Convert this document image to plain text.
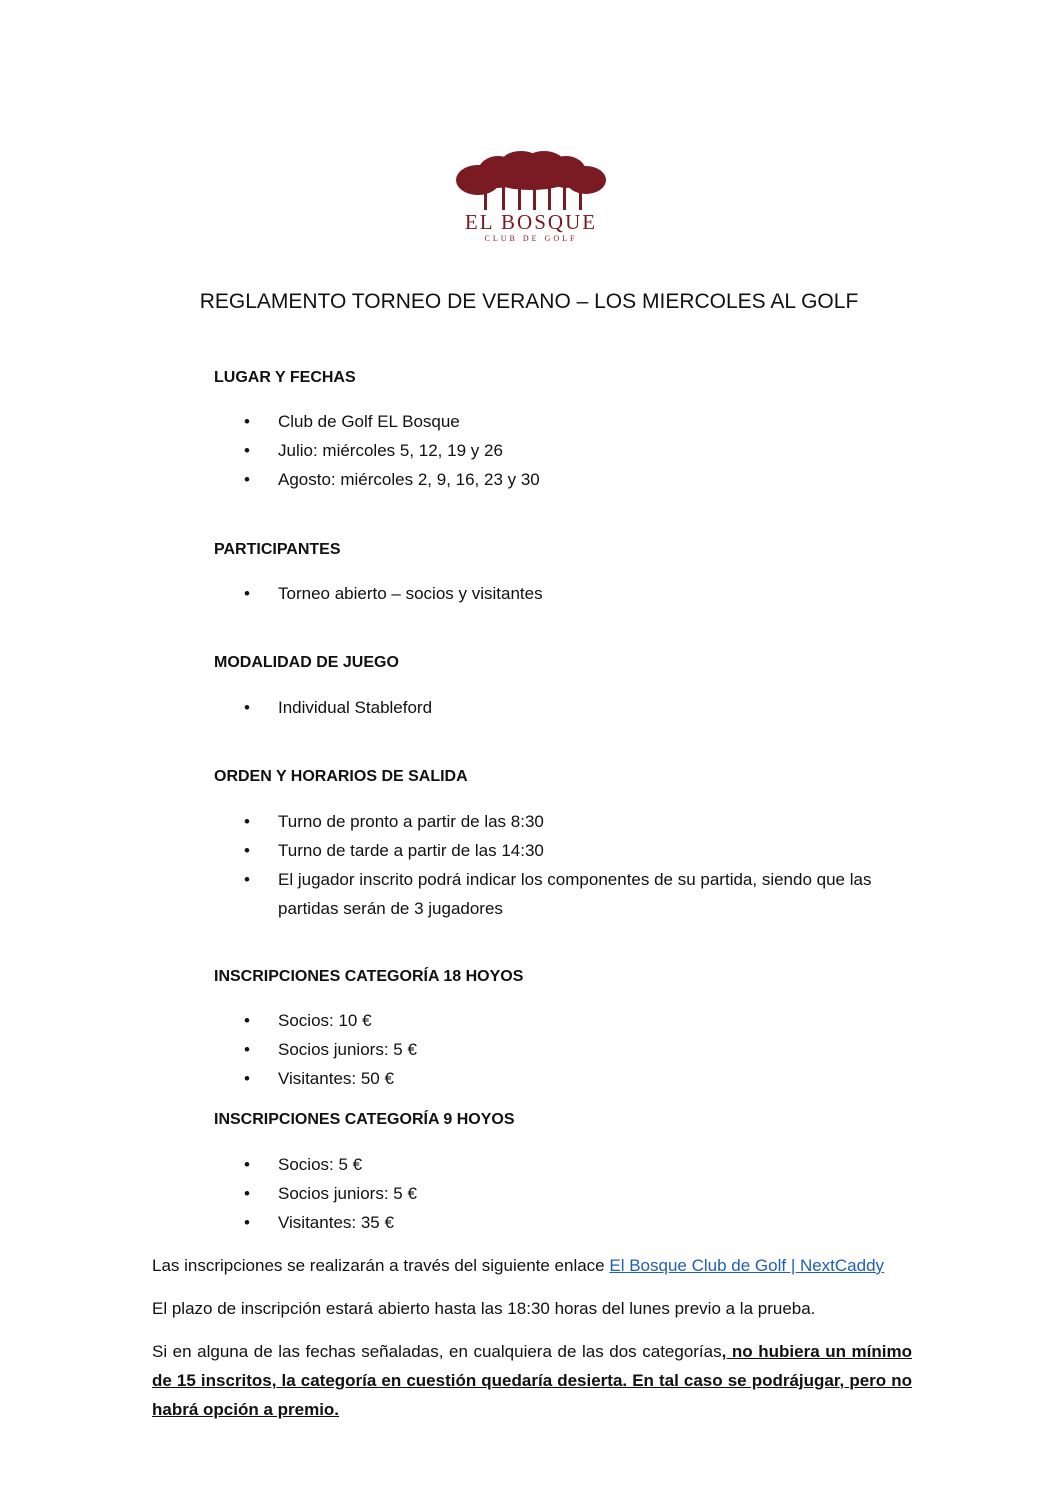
EL BOSQUE
CLUB DE GOLF
REGLAMENTO TORNEO DE VERANO – LOS MIERCOLES AL GOLF
LUGAR Y FECHAS
• Club de Golf EL Bosque
• Julio: miércoles 5, 12, 19 y 26
• Agosto: miércoles 2, 9, 16, 23 y 30
PARTICIPANTES
• Torneo abierto – socios y visitantes
MODALIDAD DE JUEGO
• Individual Stableford
ORDEN Y HORARIOS DE SALIDA
• Turno de pronto a partir de las 8:30
• Turno de tarde a partir de las 14:30
• El jugador inscrito podrá indicar los componentes de su partida, siendo que las partidas serán de 3 jugadores
INSCRIPCIONES CATEGORÍA 18 HOYOS
• Socios: 10 €
• Socios juniors: 5 €
• Visitantes: 50 €
INSCRIPCIONES CATEGORÍA 9 HOYOS
• Socios: 5 €
• Socios juniors: 5 €
• Visitantes: 35 €

Las inscripciones se realizarán a través del siguiente enlace El Bosque Club de Golf | NextCaddy

El plazo de inscripción estará abierto hasta las 18:30 horas del lunes previo a la prueba.

Si en alguna de las fechas señaladas, en cualquiera de las dos categorías, no hubiera un mínimo de 15 inscritos, la categoría en cuestión quedaría desierta. En tal caso se podrájugar, pero no habrá opción a premio.
